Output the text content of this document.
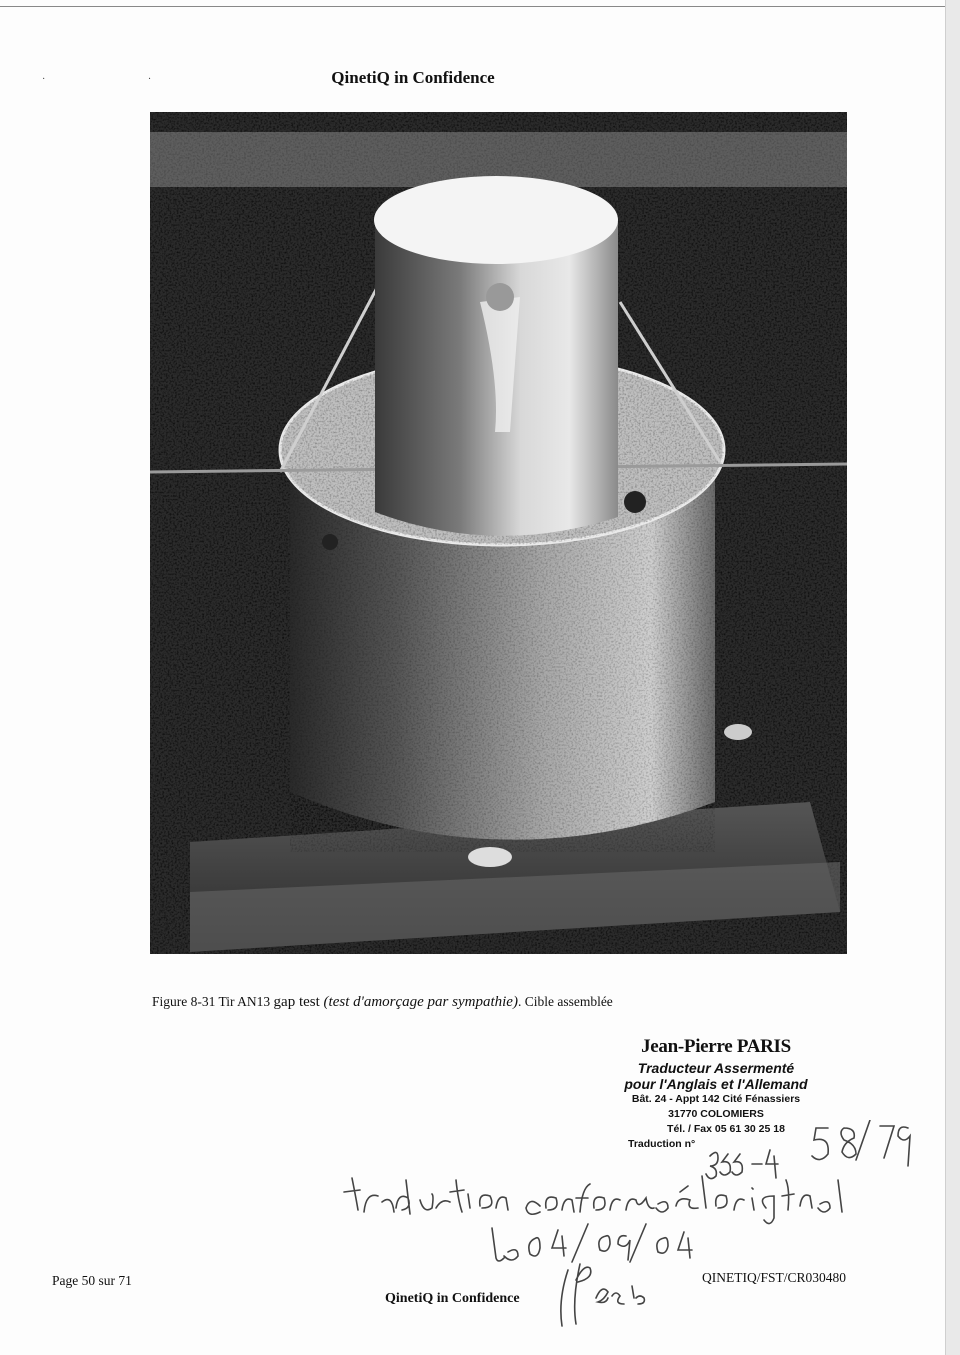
· ·	QinetiQ in Confidence
Figure 8-31 Tir AN13 gap test (test d'amorçage par sympathie). Cible assemblée
Jean-Pierre PARIS
Traducteur Assermenté
pour l'Anglais et l'Allemand
Bât. 24 - Appt 142 Cité Fénassiers
31770 COLOMIERS
Tél. / Fax 05 61 30 25 18
Traduction n°
Page 50 sur 71
QinetiQ in Confidence
QINETIQ/FST/CR030480
